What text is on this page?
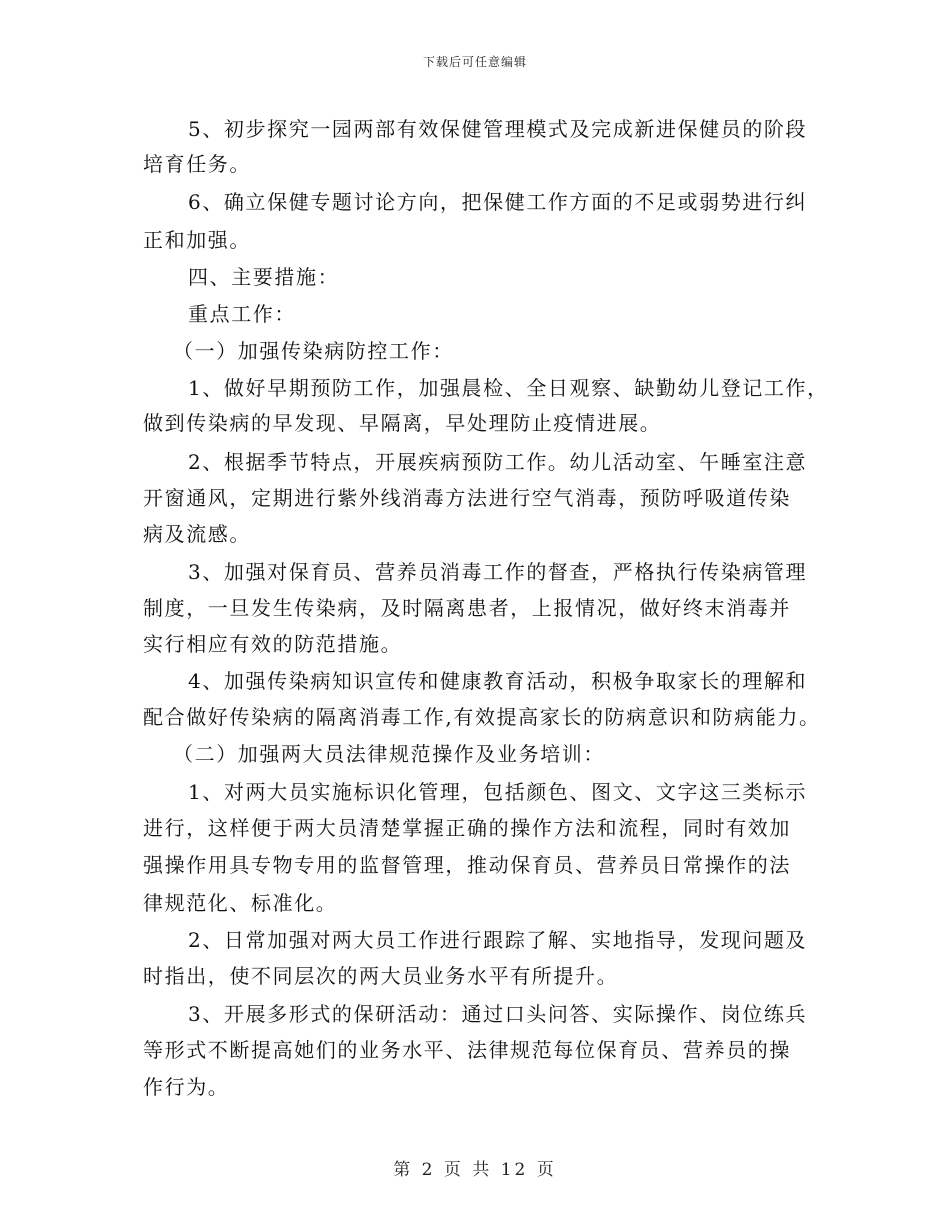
下载后可任意编辑
5、初步探究一园两部有效保健管理模式及完成新进保健员的阶段
培育任务。
6、确立保健专题讨论方向，把保健工作方面的不足或弱势进行纠
正和加强。
四、主要措施：
重点工作：
（一）加强传染病防控工作：
1、做好早期预防工作，加强晨检、全日观察、缺勤幼儿登记工作，
做到传染病的早发现、早隔离，早处理防止疫情进展。
2、根据季节特点，开展疾病预防工作。幼儿活动室、午睡室注意
开窗通风，定期进行紫外线消毒方法进行空气消毒，预防呼吸道传染
病及流感。
3、加强对保育员、营养员消毒工作的督查，严格执行传染病管理
制度，一旦发生传染病，及时隔离患者，上报情况，做好终末消毒并
实行相应有效的防范措施。
4、加强传染病知识宣传和健康教育活动，积极争取家长的理解和
配合做好传染病的隔离消毒工作,有效提高家长的防病意识和防病能力。
（二）加强两大员法律规范操作及业务培训：
1、对两大员实施标识化管理，包括颜色、图文、文字这三类标示
进行，这样便于两大员清楚掌握正确的操作方法和流程，同时有效加
强操作用具专物专用的监督管理，推动保育员、营养员日常操作的法
律规范化、标准化。
2、日常加强对两大员工作进行跟踪了解、实地指导，发现问题及
时指出，使不同层次的两大员业务水平有所提升。
3、开展多形式的保研活动：通过口头问答、实际操作、岗位练兵
等形式不断提高她们的业务水平、法律规范每位保育员、营养员的操
作行为。
第 2 页 共 12 页
